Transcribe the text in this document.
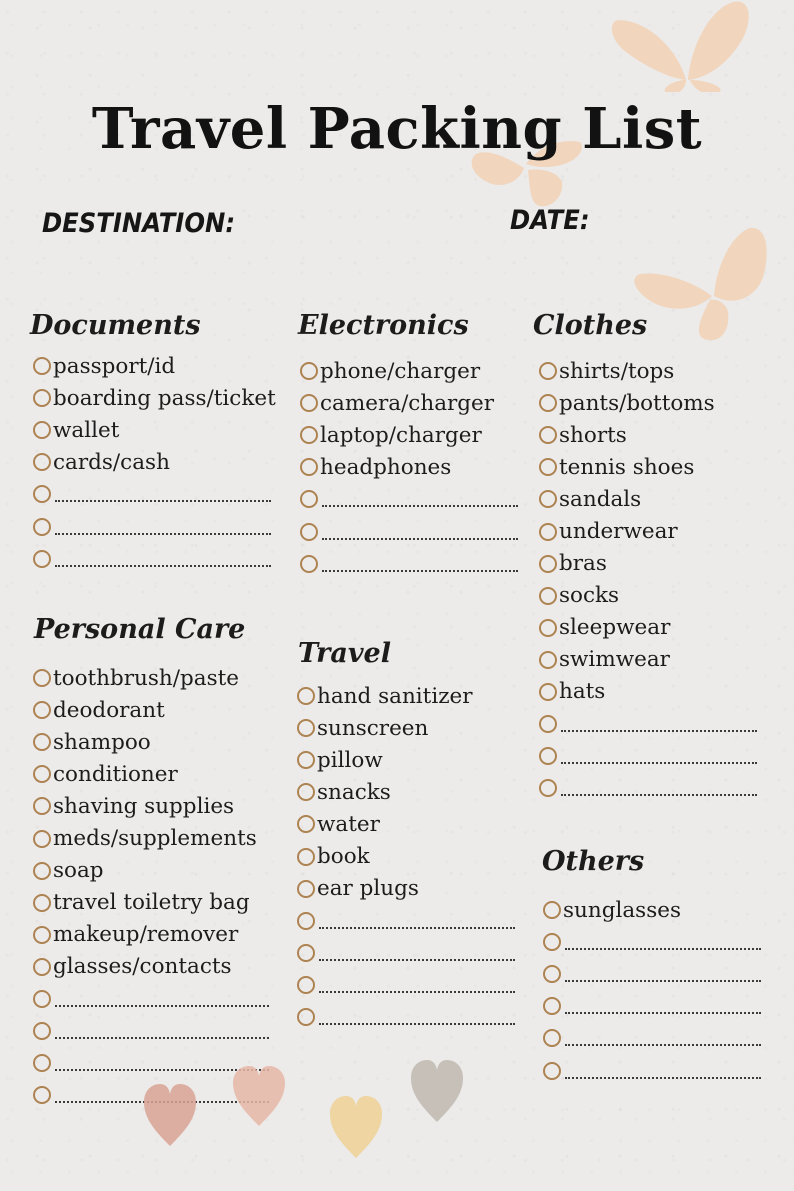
Travel Packing List
DESTINATION:	DATE:
Documents	Electronics Clothes
Personal Care
Travel
Others
passport/id
boarding pass/ticket
wallet
cards/cash
phone/charger
camera/charger
laptop/charger
headphones
shirts/tops
pants/bottoms
shorts
tennis shoes
sandals
underwear
bras
socks
sleepwear
swimwear
hats
toothbrush/paste
deodorant
shampoo
conditioner
shaving supplies
meds/supplements
soap
travel toiletry bag
makeup/remover
glasses/contacts
hand sanitizer
sunscreen
pillow
snacks
water
book
ear plugs
sunglasses
